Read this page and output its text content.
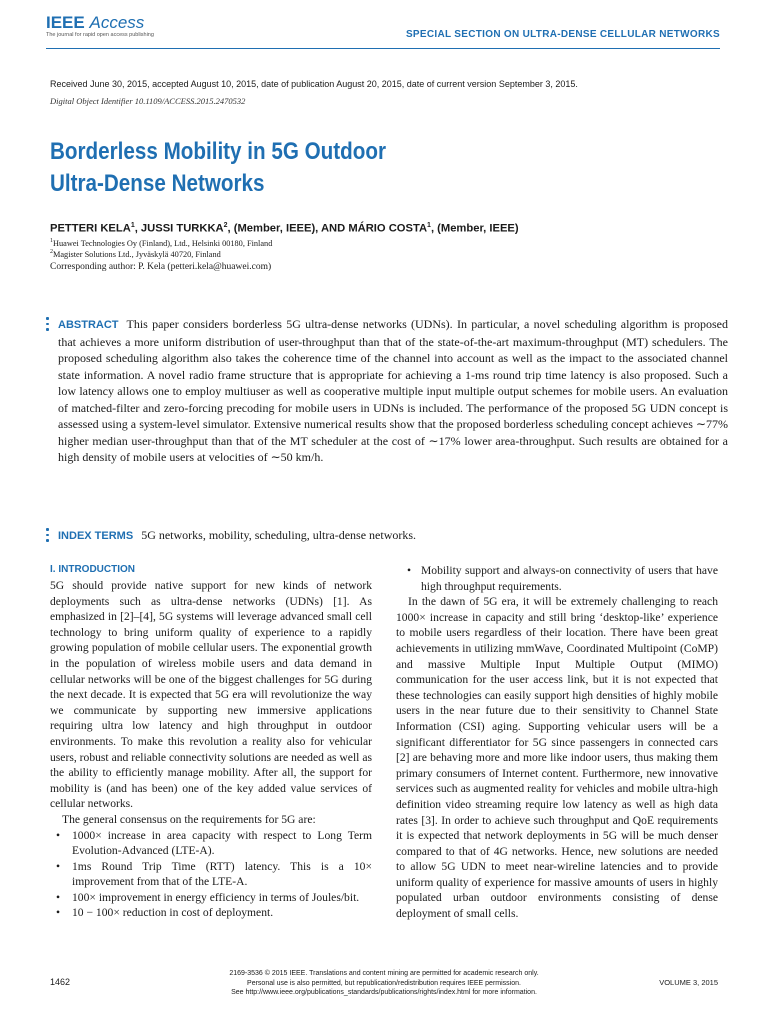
IEEE Access
The journal for rapid open access publishing	SPECIAL SECTION ON ULTRA-DENSE CELLULAR NETWORKS
Received June 30, 2015, accepted August 10, 2015, date of publication August 20, 2015, date of current version September 3, 2015.
Digital Object Identifier 10.1109/ACCESS.2015.2470532
Borderless Mobility in 5G Outdoor
Ultra-Dense Networks
PETTERI KELA$^1$, JUSSI TURKKA$^2$, (Member, IEEE), AND MÁRIO COSTA$^1$, (Member, IEEE)
$^1$Huawei Technologies Oy (Finland), Ltd., Helsinki 00180, Finland
$^2$Magister Solutions Ltd., Jyväskylä 40720, Finland
Corresponding author: P. Kela (petteri.kela@huawei.com)
ABSTRACT This paper considers borderless 5G ultra-dense networks (UDNs). In particular, a novel scheduling algorithm is proposed that achieves a more uniform distribution of user-throughput than that of the state-of-the-art maximum-throughput (MT) schedulers. The proposed scheduling algorithm also takes the coherence time of the channel into account as well as the impact to the associated channel state information. A novel radio frame structure that is appropriate for achieving a 1-ms round trip time latency is also proposed. Such a low latency allows one to employ multiuser as well as cooperative multiple input multiple output schemes for mobile users. An evaluation of matched-filter and zero-forcing precoding for mobile users in UDNs is included. The performance of the proposed 5G UDN concept is assessed using a system-level simulator. Extensive numerical results show that the proposed borderless scheduling concept achieves ∼77% higher median user-throughput than that of the MT scheduler at the cost of ∼17% lower area-throughput. Such results are obtained for a high density of mobile users at velocities of ∼50 km/h.
INDEX TERMS 5G networks, mobility, scheduling, ultra-dense networks.
I. INTRODUCTION

5G should provide native support for new kinds of network deployments such as ultra-dense networks (UDNs) [1]. As emphasized in [2]–[4], 5G systems will leverage advanced small cell technology to bring uniform quality of experience to a rapidly growing population of mobile cellular users. The exponential growth in the population of wireless mobile users and data demand in cellular networks will be one of the biggest challenges for 5G during the next decade. It is expected that 5G era will revolutionize the way we communicate by supporting new immersive applications requiring ultra low latency and high throughput in outdoor environments. To make this revolution a reality also for vehicular users, robust and reliable connectivity solutions are needed as well as the ability to efficiently manage mobility. After all, the support for mobility is (and has been) one of the key added value services of cellular networks.

The general consensus on the requirements for 5G are:

• 1000× increase in area capacity with respect to Long Term Evolution-Advanced (LTE-A).
• 1ms Round Trip Time (RTT) latency. This is a 10× improvement from that of the LTE-A.
• 100× improvement in energy efficiency in terms of Joules/bit.
• 10 − 100× reduction in cost of deployment.
• Mobility support and always-on connectivity of users that have high throughput requirements.

In the dawn of 5G era, it will be extremely challenging to reach 1000× increase in capacity and still bring ‘desktop-like’ experience to mobile users regardless of their location. There have been great achievements in utilizing mmWave, Coordinated Multipoint (CoMP) and massive Multiple Input Multiple Output (MIMO) communication for the user access link, but it is not expected that these technologies can easily support high densities of highly mobile users in the near future due to their sensitivity to Channel State Information (CSI) aging. Supporting vehicular users will be a significant differentiator for 5G since passengers in connected cars [2] are behaving more and more like indoor users, thus making them primary consumers of Internet content. Furthermore, new innovative services such as augmented reality for vehicles and mobile ultra-high definition video streaming require low latency as well as high data rates [3]. In order to achieve such throughput and QoE requirements it is expected that network deployments in 5G will be much denser compared to that of 4G networks. Hence, new solutions are needed to allow 5G UDN to meet near-wireline latencies and to provide uniform quality of experience for massive amounts of users in highly populated urban outdoor environments consisting of dense deployment of small cells.

1462
2169-3536 © 2015 IEEE. Translations and content mining are permitted for academic research only.
Personal use is also permitted, but republication/redistribution requires IEEE permission.
See http://www.ieee.org/publications_standards/publications/rights/index.html for more information.
VOLUME 3, 2015
